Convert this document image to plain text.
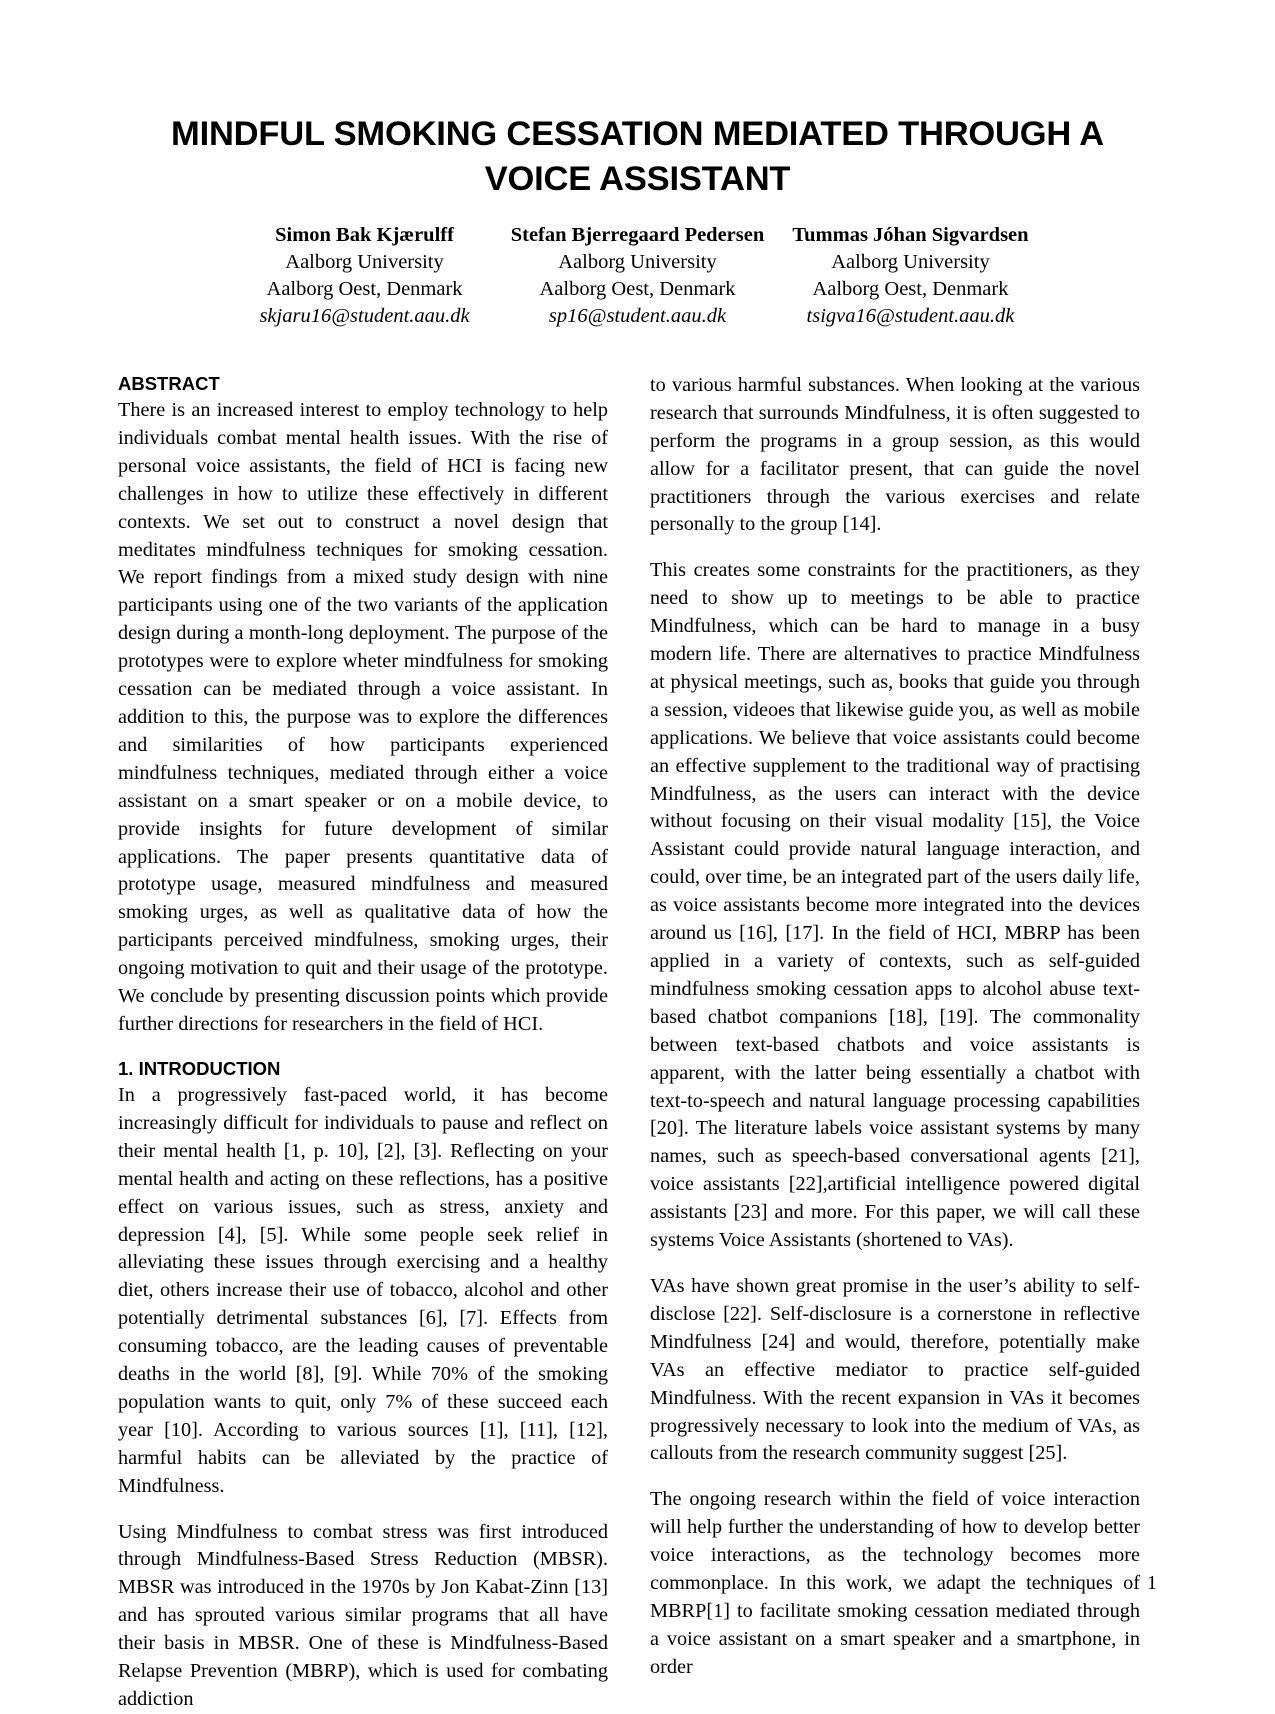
MINDFUL SMOKING CESSATION MEDIATED THROUGH A VOICE ASSISTANT
Simon Bak Kjærulff
Aalborg University
Aalborg Oest, Denmark
skjaru16@student.aau.dk
Stefan Bjerregaard Pedersen
Aalborg University
Aalborg Oest, Denmark
sp16@student.aau.dk
Tummas Jóhan Sigvardsen
Aalborg University
Aalborg Oest, Denmark
tsigva16@student.aau.dk
ABSTRACT

There is an increased interest to employ technology to help individuals combat mental health issues. With the rise of personal voice assistants, the field of HCI is facing new challenges in how to utilize these effectively in different contexts. We set out to construct a novel design that meditates mindfulness techniques for smoking cessation. We report findings from a mixed study design with nine participants using one of the two variants of the application design during a month-long deployment. The purpose of the prototypes were to explore wheter mindfulness for smoking cessation can be mediated through a voice assistant. In addition to this, the purpose was to explore the differences and similarities of how participants experienced mindfulness techniques, mediated through either a voice assistant on a smart speaker or on a mobile device, to provide insights for future development of similar applications. The paper presents quantitative data of prototype usage, measured mindfulness and measured smoking urges, as well as qualitative data of how the participants perceived mindfulness, smoking urges, their ongoing motivation to quit and their usage of the prototype. We conclude by presenting discussion points which provide further directions for researchers in the field of HCI.

1. INTRODUCTION

In a progressively fast-paced world, it has become increasingly difficult for individuals to pause and reflect on their mental health [1, p. 10], [2], [3]. Reflecting on your mental health and acting on these reflections, has a positive effect on various issues, such as stress, anxiety and depression [4], [5]. While some people seek relief in alleviating these issues through exercising and a healthy diet, others increase their use of tobacco, alcohol and other potentially detrimental substances [6], [7]. Effects from consuming tobacco, are the leading causes of preventable deaths in the world [8], [9]. While 70% of the smoking population wants to quit, only 7% of these succeed each year [10]. According to various sources [1], [11], [12], harmful habits can be alleviated by the practice of Mindfulness.

Using Mindfulness to combat stress was first introduced through Mindfulness-Based Stress Reduction (MBSR). MBSR was introduced in the 1970s by Jon Kabat-Zinn [13] and has sprouted various similar programs that all have their basis in MBSR. One of these is Mindfulness-Based Relapse Prevention (MBRP), which is used for combating addiction

to various harmful substances. When looking at the various research that surrounds Mindfulness, it is often suggested to perform the programs in a group session, as this would allow for a facilitator present, that can guide the novel practitioners through the various exercises and relate personally to the group [14].

This creates some constraints for the practitioners, as they need to show up to meetings to be able to practice Mindfulness, which can be hard to manage in a busy modern life. There are alternatives to practice Mindfulness at physical meetings, such as, books that guide you through a session, videoes that likewise guide you, as well as mobile applications. We believe that voice assistants could become an effective supplement to the traditional way of practising Mindfulness, as the users can interact with the device without focusing on their visual modality [15], the Voice Assistant could provide natural language interaction, and could, over time, be an integrated part of the users daily life, as voice assistants become more integrated into the devices around us [16], [17]. In the field of HCI, MBRP has been applied in a variety of contexts, such as self-guided mindfulness smoking cessation apps to alcohol abuse text-based chatbot companions [18], [19]. The commonality between text-based chatbots and voice assistants is apparent, with the latter being essentially a chatbot with text-to-speech and natural language processing capabilities [20]. The literature labels voice assistant systems by many names, such as speech-based conversational agents [21], voice assistants [22],artificial intelligence powered digital assistants [23] and more. For this paper, we will call these systems Voice Assistants (shortened to VAs).

VAs have shown great promise in the user’s ability to self-disclose [22]. Self-disclosure is a cornerstone in reflective Mindfulness [24] and would, therefore, potentially make VAs an effective mediator to practice self-guided Mindfulness. With the recent expansion in VAs it becomes progressively necessary to look into the medium of VAs, as callouts from the research community suggest [25].

The ongoing research within the field of voice interaction will help further the understanding of how to develop better voice interactions, as the technology becomes more commonplace. In this work, we adapt the techniques of MBRP[1] to facilitate smoking cessation mediated through a voice assistant on a smart speaker and a smartphone, in order

1
